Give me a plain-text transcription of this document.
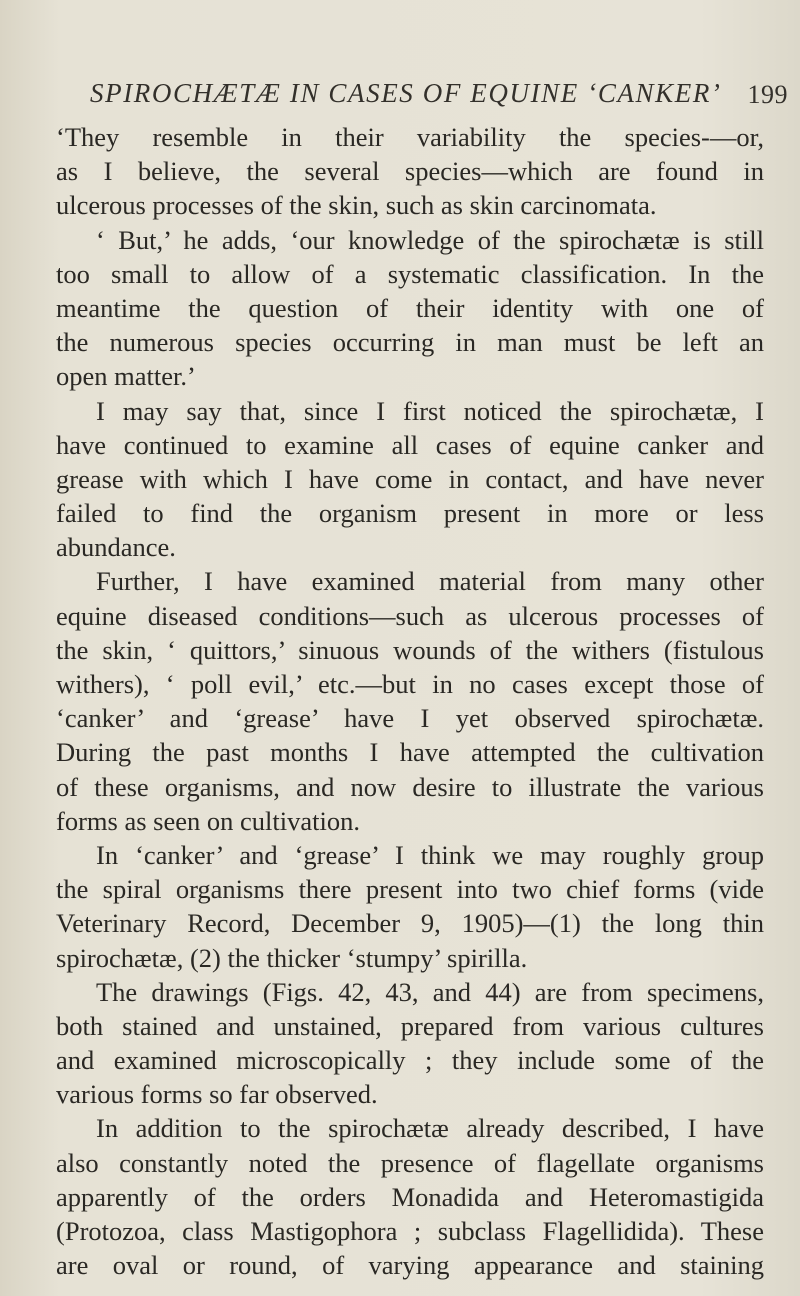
SPIROCHÆTÆ IN CASES OF EQUINE ‘CANKER’ 199
‘They resemble in their variability the species-—or,
as I believe, the several species—which are found in
ulcerous processes of the skin, such as skin carcinomata.
‘ But,’ he adds, ‘our knowledge of the spirochætæ is still
too small to allow of a systematic classification. In the
meantime the question of their identity with one of
the numerous species occurring in man must be left an
open matter.’
I may say that, since I first noticed the spirochætæ, I
have continued to examine all cases of equine canker and
grease with which I have come in contact, and have never
failed to find the organism present in more or less
abundance.
Further, I have examined material from many other
equine diseased conditions—such as ulcerous processes of
the skin, ‘ quittors,’ sinuous wounds of the withers (fistulous
withers), ‘ poll evil,’ etc.—but in no cases except those of
‘canker’ and ‘grease’ have I yet observed spirochætæ.
During the past months I have attempted the cultivation
of these organisms, and now desire to illustrate the various
forms as seen on cultivation.
In ‘canker’ and ‘grease’ I think we may roughly group
the spiral organisms there present into two chief forms (vide
Veterinary Record, December 9, 1905)—(1) the long thin
spirochætæ, (2) the thicker ‘stumpy’ spirilla.
The drawings (Figs. 42, 43, and 44) are from specimens,
both stained and unstained, prepared from various cultures
and examined microscopically ; they include some of the
various forms so far observed.
In addition to the spirochætæ already described, I have
also constantly noted the presence of flagellate organisms
apparently of the orders Monadida and Heteromastigida
(Protozoa, class Mastigophora ; subclass Flagellidida). These
are oval or round, of varying appearance and staining
